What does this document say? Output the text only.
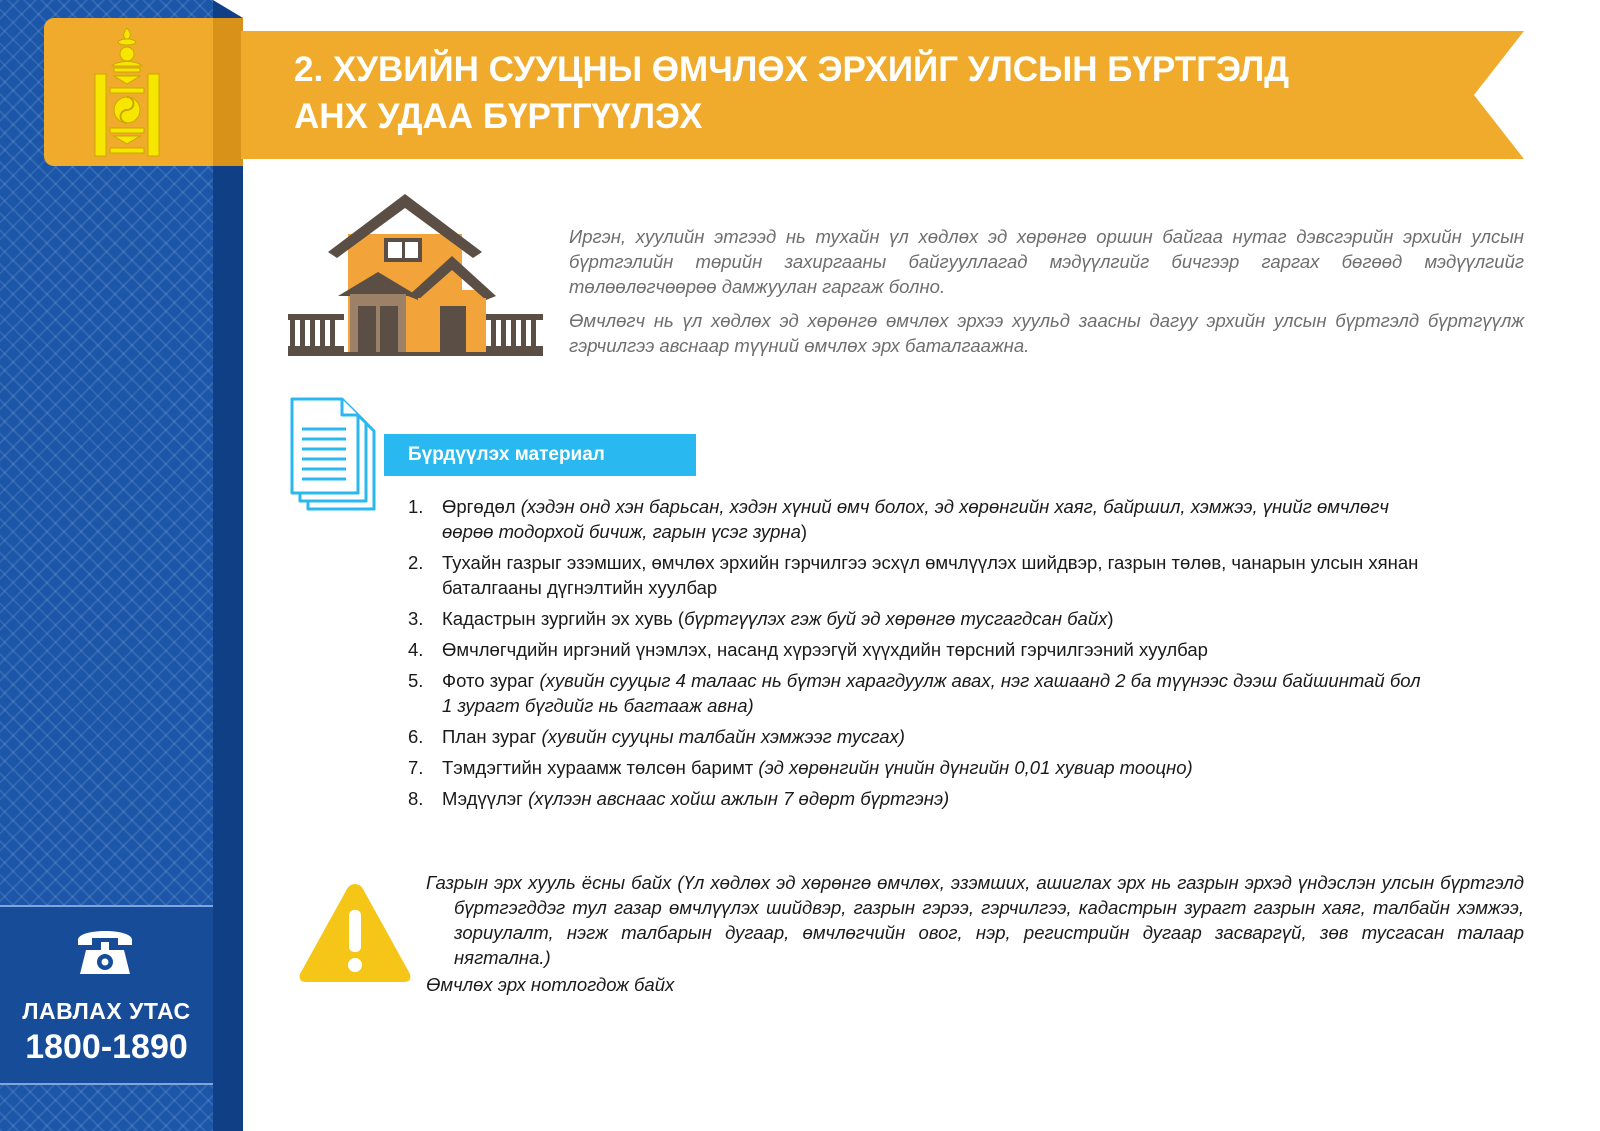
ЛАВЛАХ УТАС
1800-1890
2. ХУВИЙН СУУЦНЫ ӨМЧЛӨХ ЭРХИЙГ УЛСЫН БҮРТГЭЛД
АНХ УДАА БҮРТГҮҮЛЭХ

Иргэн, хуулийн этгээд нь тухайн үл хөдлөх эд хөрөнгө оршин байгаа нутаг дэвсгэрийн эрхийн улсын бүртгэлийн төрийн захиргааны байгууллагад мэдүүлгийг бичгээр гаргах бөгөөд мэдүүлгийг төлөөлөгчөөрөө дамжуулан гаргаж болно.

Өмчлөгч нь үл хөдлөх эд хөрөнгө өмчлөх эрхээ хуульд заасны дагуу эрхийн улсын бүртгэлд бүртгүүлж гэрчилгээ авснаар түүний өмчлөх эрх баталгаажна.

Бүрдүүлэх материал
1. Өргөдөл (хэдэн онд хэн барьсан, хэдэн хүний өмч болох, эд хөрөнгийн хаяг, байршил, хэмжээ, үнийг өмчлөгч өөрөө тодорхой бичиж, гарын үсэг зурна)
2. Тухайн газрыг эзэмших, өмчлөх эрхийн гэрчилгээ эсхүл өмчлүүлэх шийдвэр, газрын төлөв, чанарын улсын хянан баталгааны дүгнэлтийн хуулбар
3. Кадастрын зургийн эх хувь (бүртгүүлэх гэж буй эд хөрөнгө тусгагдсан байх)
4. Өмчлөгчдийн иргэний үнэмлэх, насанд хүрээгүй хүүхдийн төрсний гэрчилгээний хуулбар
5. Фото зураг (хувийн сууцыг 4 талаас нь бүтэн харагдуулж авах, нэг хашаанд 2 ба түүнээс дээш байшинтай бол 1 зурагт бүгдийг нь багтааж авна)
6. План зураг (хувийн сууцны талбайн хэмжээг тусгах)
7. Тэмдэгтийн хураамж төлсөн баримт (эд хөрөнгийн үнийн дүнгийн 0,01 хувиар тооцно)
8. Мэдүүлэг (хүлээн авснаас хойш ажлын 7 өдөрт бүртгэнэ)

Газрын эрх хууль ёсны байх (Үл хөдлөх эд хөрөнгө өмчлөх, эзэмших, ашиглах эрх нь газрын эрхэд үндэслэн улсын бүртгэлд бүртгэгддэг тул газар өмчлүүлэх шийдвэр, газрын гэрээ, гэрчилгээ, кадастрын зурагт газрын хаяг, талбайн хэмжээ, зориулалт, нэгж талбарын дугаар, өмчлөгчийн овог, нэр, регистрийн дугаар засваргүй, зөв тусгасан талаар нягтална.)

Өмчлөх эрх нотлогдож байх
